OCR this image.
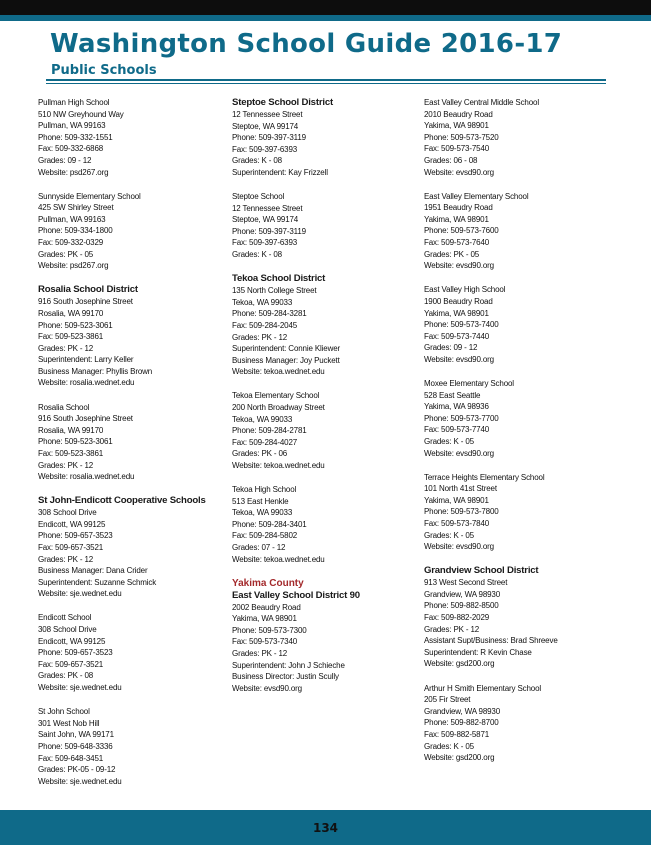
Washington School Guide 2016-17
Public Schools
Pullman High School
510 NW Greyhound Way
Pullman, WA 99163
Phone: 509-332-1551
Fax: 509-332-6868
Grades: 09 - 12
Website: psd267.org
Sunnyside Elementary School
425 SW Shirley Street
Pullman, WA 99163
Phone: 509-334-1800
Fax: 509-332-0329
Grades: PK - 05
Website: psd267.org
Rosalia School District
916 South Josephine Street
Rosalia, WA 99170
Phone: 509-523-3061
Fax: 509-523-3861
Grades: PK - 12
Superintendent: Larry Keller
Business Manager: Phyllis Brown
Website: rosalia.wednet.edu
Rosalia School
916 South Josephine Street
Rosalia, WA 99170
Phone: 509-523-3061
Fax: 509-523-3861
Grades: PK - 12
Website: rosalia.wednet.edu
St John-Endicott Cooperative Schools
308 School Drive
Endicott, WA 99125
Phone: 509-657-3523
Fax: 509-657-3521
Grades: PK - 12
Business Manager: Dana Crider
Superintendent: Suzanne Schmick
Website: sje.wednet.edu
Endicott School
308 School Drive
Endicott, WA 99125
Phone: 509-657-3523
Fax: 509-657-3521
Grades: PK - 08
Website: sje.wednet.edu
St John School
301 West Nob Hill
Saint John, WA 99171
Phone: 509-648-3336
Fax: 509-648-3451
Grades: PK-05 - 09-12
Website: sje.wednet.edu
Steptoe School District
12 Tennessee Street
Steptoe, WA 99174
Phone: 509-397-3119
Fax: 509-397-6393
Grades: K - 08
Superintendent: Kay Frizzell
Steptoe School
12 Tennessee Street
Steptoe, WA 99174
Phone: 509-397-3119
Fax: 509-397-6393
Grades: K - 08
Tekoa School District
135 North College Street
Tekoa, WA 99033
Phone: 509-284-3281
Fax: 509-284-2045
Grades: PK - 12
Superintendent: Connie Kliewer
Business Manager: Joy Puckett
Website: tekoa.wednet.edu
Tekoa Elementary School
200 North Broadway Street
Tekoa, WA 99033
Phone: 509-284-2781
Fax: 509-284-4027
Grades: PK - 06
Website: tekoa.wednet.edu
Tekoa High School
513 East Henkle
Tekoa, WA 99033
Phone: 509-284-3401
Fax: 509-284-5802
Grades: 07 - 12
Website: tekoa.wednet.edu
Yakima County
East Valley School District 90
2002 Beaudry Road
Yakima, WA 98901
Phone: 509-573-7300
Fax: 509-573-7340
Grades: PK - 12
Superintendent: John J Schieche
Business Director: Justin Scully
Website: evsd90.org
East Valley Central Middle School
2010 Beaudry Road
Yakima, WA 98901
Phone: 509-573-7520
Fax: 509-573-7540
Grades: 06 - 08
Website: evsd90.org
East Valley Elementary School
1951 Beaudry Road
Yakima, WA 98901
Phone: 509-573-7600
Fax: 509-573-7640
Grades: PK - 05
Website: evsd90.org
East Valley High School
1900 Beaudry Road
Yakima, WA 98901
Phone: 509-573-7400
Fax: 509-573-7440
Grades: 09 - 12
Website: evsd90.org
Moxee Elementary School
528 East Seattle
Yakima, WA 98936
Phone: 509-573-7700
Fax: 509-573-7740
Grades: K - 05
Website: evsd90.org
Terrace Heights Elementary School
101 North 41st Street
Yakima, WA 98901
Phone: 509-573-7800
Fax: 509-573-7840
Grades: K - 05
Website: evsd90.org
Grandview School District
913 West Second Street
Grandview, WA 98930
Phone: 509-882-8500
Fax: 509-882-2029
Grades: PK - 12
Assistant Supt/Business: Brad Shreeve
Superintendent: R Kevin Chase
Website: gsd200.org
Arthur H Smith Elementary School
205 Fir Street
Grandview, WA 98930
Phone: 509-882-8700
Fax: 509-882-5871
Grades: K - 05
Website: gsd200.org
134
